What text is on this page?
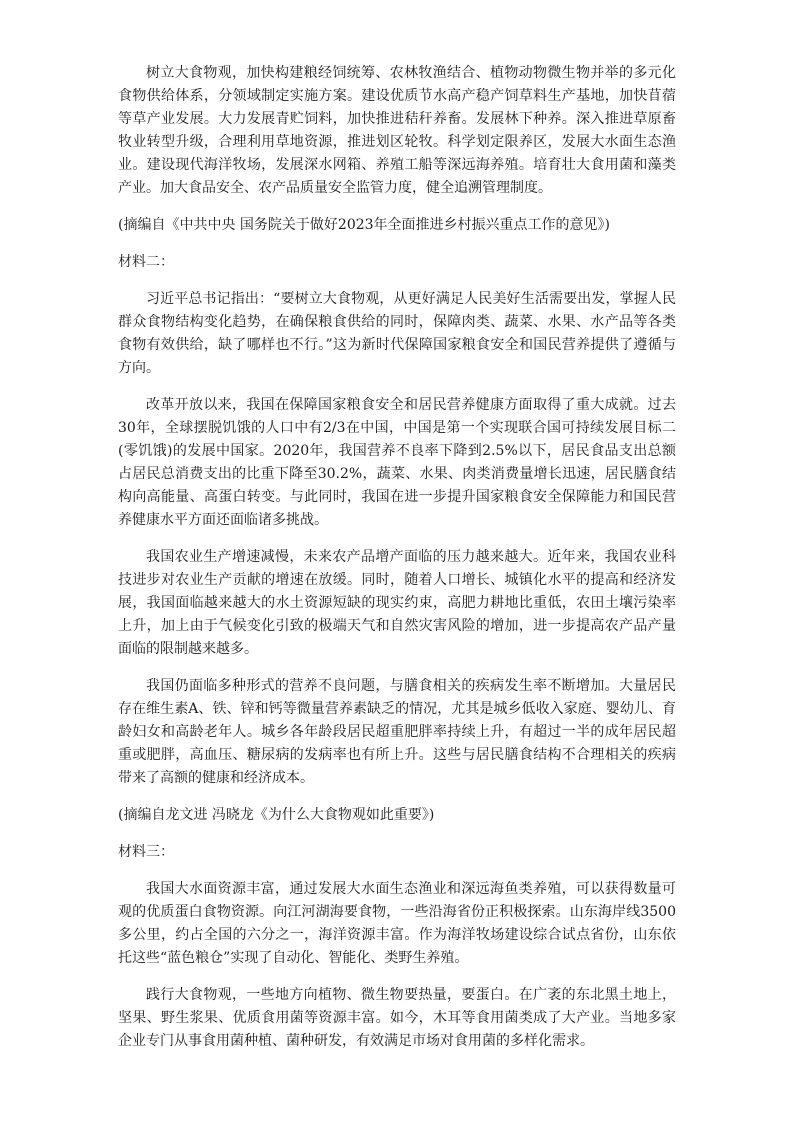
树立大食物观，加快构建粮经饲统筹、农林牧渔结合、植物动物微生物并举的多元化食物供给体系，分领域制定实施方案。建设优质节水高产稳产饲草料生产基地，加快苜蓿等草产业发展。大力发展青贮饲料，加快推进秸秆养畜。发展林下种养。深入推进草原畜牧业转型升级，合理利用草地资源，推进划区轮牧。科学划定限养区，发展大水面生态渔业。建设现代海洋牧场，发展深水网箱、养殖工船等深远海养殖。培育壮大食用菌和藻类产业。加大食品安全、农产品质量安全监管力度，健全追溯管理制度。

(摘编自《中共中央 国务院关于做好2023年全面推进乡村振兴重点工作的意见》)

材料二：

习近平总书记指出：“要树立大食物观，从更好满足人民美好生活需要出发，掌握人民群众食物结构变化趋势，在确保粮食供给的同时，保障肉类、蔬菜、水果、水产品等各类食物有效供给，缺了哪样也不行。”这为新时代保障国家粮食安全和国民营养提供了遵循与方向。

改革开放以来，我国在保障国家粮食安全和居民营养健康方面取得了重大成就。过去30年，全球摆脱饥饿的人口中有2/3在中国，中国是第一个实现联合国可持续发展目标二(零饥饿)的发展中国家。2020年，我国营养不良率下降到2.5%以下，居民食品支出总额占居民总消费支出的比重下降至30.2%，蔬菜、水果、肉类消费量增长迅速，居民膳食结构向高能量、高蛋白转变。与此同时，我国在进一步提升国家粮食安全保障能力和国民营养健康水平方面还面临诸多挑战。

我国农业生产增速减慢，未来农产品增产面临的压力越来越大。近年来，我国农业科技进步对农业生产贡献的增速在放缓。同时，随着人口增长、城镇化水平的提高和经济发展，我国面临越来越大的水土资源短缺的现实约束，高肥力耕地比重低，农田土壤污染率上升，加上由于气候变化引致的极端天气和自然灾害风险的增加，进一步提高农产品产量面临的限制越来越多。

我国仍面临多种形式的营养不良问题，与膳食相关的疾病发生率不断增加。大量居民存在维生素A、铁、锌和钙等微量营养素缺乏的情况，尤其是城乡低收入家庭、婴幼儿、育龄妇女和高龄老年人。城乡各年龄段居民超重肥胖率持续上升，有超过一半的成年居民超重或肥胖，高血压、糖尿病的发病率也有所上升。这些与居民膳食结构不合理相关的疾病带来了高额的健康和经济成本。

(摘编自龙文进 冯晓龙《为什么大食物观如此重要》)

材料三：

我国大水面资源丰富，通过发展大水面生态渔业和深远海鱼类养殖，可以获得数量可观的优质蛋白食物资源。向江河湖海要食物，一些沿海省份正积极探索。山东海岸线3500多公里，约占全国的六分之一，海洋资源丰富。作为海洋牧场建设综合试点省份，山东依托这些“蓝色粮仓”实现了自动化、智能化、类野生养殖。

践行大食物观，一些地方向植物、微生物要热量，要蛋白。在广袤的东北黑土地上，坚果、野生浆果、优质食用菌等资源丰富。如今，木耳等食用菌类成了大产业。当地多家企业专门从事食用菌种植、菌种研发，有效满足市场对食用菌的多样化需求。
